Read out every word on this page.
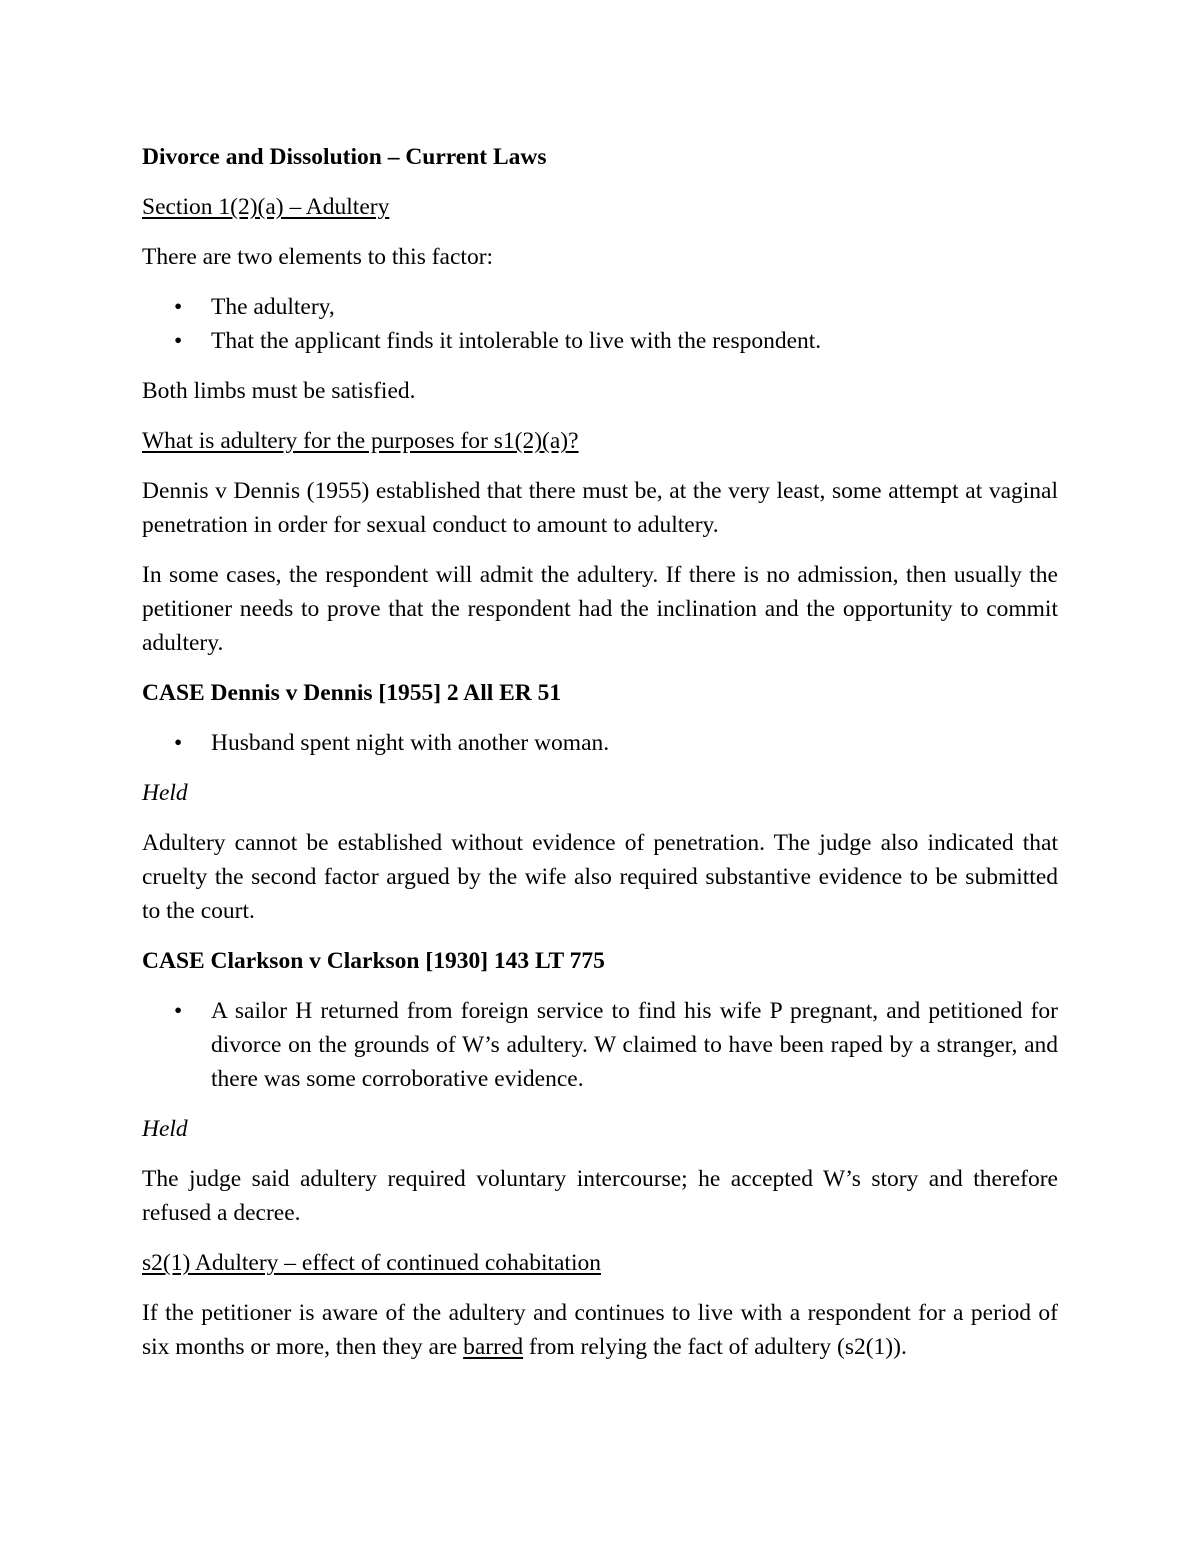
Divorce and Dissolution – Current Laws

Section 1(2)(a) – Adultery

There are two elements to this factor:

• The adultery,
• That the applicant finds it intolerable to live with the respondent.

Both limbs must be satisfied.

What is adultery for the purposes for s1(2)(a)?

Dennis v Dennis (1955) established that there must be, at the very least, some attempt at vaginal penetration in order for sexual conduct to amount to adultery.

In some cases, the respondent will admit the adultery. If there is no admission, then usually the petitioner needs to prove that the respondent had the inclination and the opportunity to commit adultery.

CASE Dennis v Dennis [1955] 2 All ER 51

• Husband spent night with another woman.

Held

Adultery cannot be established without evidence of penetration. The judge also indicated that cruelty the second factor argued by the wife also required substantive evidence to be submitted to the court.

CASE Clarkson v Clarkson [1930] 143 LT 775

• A sailor H returned from foreign service to find his wife P pregnant, and petitioned for divorce on the grounds of W’s adultery. W claimed to have been raped by a stranger, and there was some corroborative evidence.

Held

The judge said adultery required voluntary intercourse; he accepted W’s story and therefore refused a decree.

s2(1) Adultery – effect of continued cohabitation

If the petitioner is aware of the adultery and continues to live with a respondent for a period of six months or more, then they are barred from relying the fact of adultery (s2(1)).
